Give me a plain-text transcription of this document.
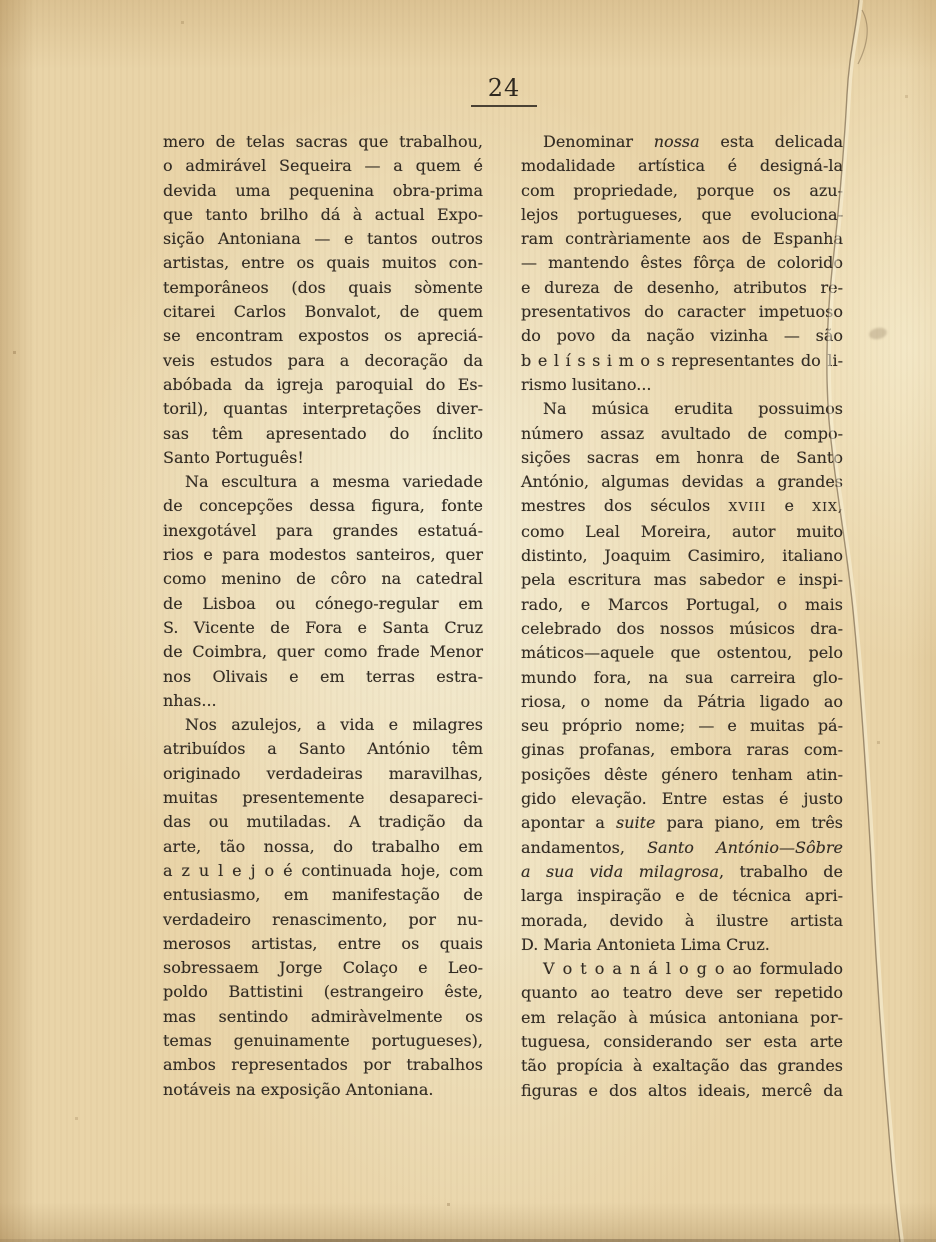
24
mero de telas sacras que trabalhou,
o admirável Sequeira — a quem é
devida uma pequenina obra-prima
que tanto brilho dá à actual Expo-
sição Antoniana — e tantos outros
artistas, entre os quais muitos con-
temporâneos (dos quais sòmente
citarei Carlos Bonvalot, de quem
se encontram expostos os apreciá-
veis estudos para a decoração da
abóbada da igreja paroquial do Es-
toril), quantas interpretações diver-
sas têm apresentado do ínclito
Santo Português!
Na escultura a mesma variedade
de concepções dessa figura, fonte
inexgotável para grandes estatuá-
rios e para modestos santeiros, quer
como menino de côro na catedral
de Lisboa ou cónego-regular em
S. Vicente de Fora e Santa Cruz
de Coimbra, quer como frade Menor
nos Olivais e em terras estra-
nhas...
Nos azulejos, a vida e milagres
atribuídos a Santo António têm
originado verdadeiras maravilhas,
muitas presentemente desapareci-
das ou mutiladas. A tradição da
arte, tão nossa, do trabalho em
a z u l e j o é continuada hoje, com
entusiasmo, em manifestação de
verdadeiro renascimento, por nu-
merosos artistas, entre os quais
sobressaem Jorge Colaço e Leo-
poldo Battistini (estrangeiro êste,
mas sentindo admiràvelmente os
temas genuinamente portugueses),
ambos representados por trabalhos
notáveis na exposição Antoniana.
Denominar nossa esta delicada
modalidade artística é designá-la
com propriedade, porque os azu-
lejos portugueses, que evoluciona-
ram contràriamente aos de Espanha
— mantendo êstes fôrça de colorido
e dureza de desenho, atributos re-
presentativos do caracter impetuoso
do povo da nação vizinha — são
b e l í s s i m o s representantes do li-
rismo lusitano...
Na música erudita possuimos
número assaz avultado de compo-
sições sacras em honra de Santo
António, algumas devidas a grandes
mestres dos séculos XVIII e XIX,
como Leal Moreira, autor muito
distinto, Joaquim Casimiro, italiano
pela escritura mas sabedor e inspi-
rado, e Marcos Portugal, o mais
celebrado dos nossos músicos dra-
máticos—aquele que ostentou, pelo
mundo fora, na sua carreira glo-
riosa, o nome da Pátria ligado ao
seu próprio nome; — e muitas pá-
ginas profanas, embora raras com-
posições dêste género tenham atin-
gido elevação. Entre estas é justo
apontar a suite para piano, em três
andamentos, Santo António—Sôbre
a sua vida milagrosa, trabalho de
larga inspiração e de técnica apri-
morada, devido à ilustre artista
D. Maria Antonieta Lima Cruz.
V o t o a n á l o g o ao formulado
quanto ao teatro deve ser repetido
em relação à música antoniana por-
tuguesa, considerando ser esta arte
tão propícia à exaltação das grandes
figuras e dos altos ideais, mercê da
